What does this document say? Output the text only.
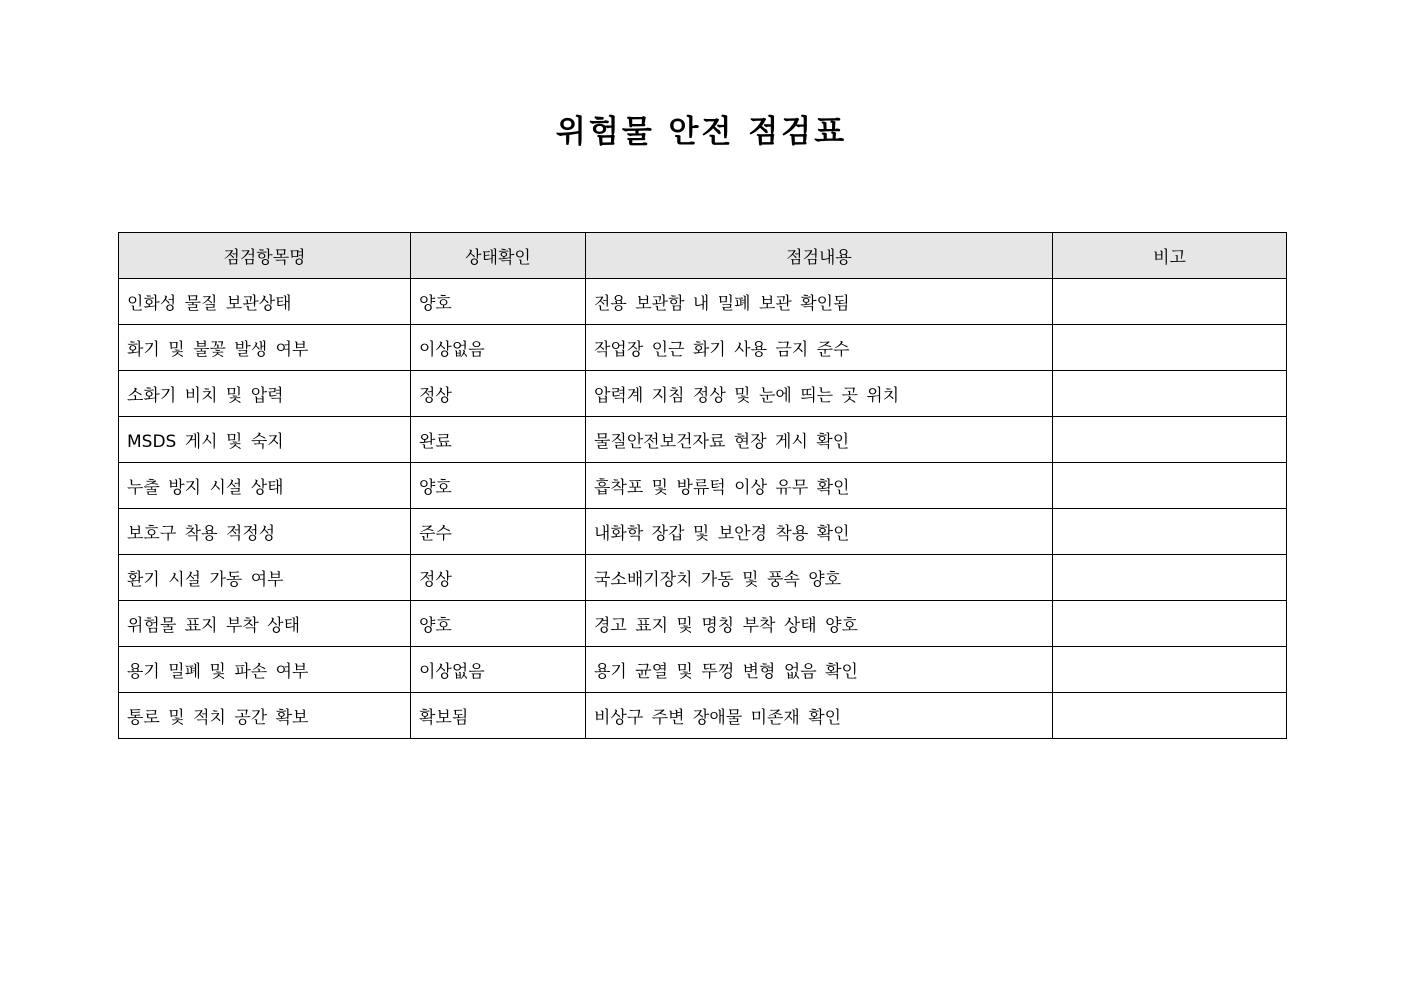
위험물 안전 점검표
점검항목명	상태확인	점검내용	비고
인화성 물질 보관상태	양호	전용 보관함 내 밀폐 보관 확인됨	
화기 및 불꽃 발생 여부	이상없음	작업장 인근 화기 사용 금지 준수	
소화기 비치 및 압력	정상	압력계 지침 정상 및 눈에 띄는 곳 위치	
MSDS 게시 및 숙지	완료	물질안전보건자료 현장 게시 확인	
누출 방지 시설 상태	양호	흡착포 및 방류턱 이상 유무 확인	
보호구 착용 적정성	준수	내화학 장갑 및 보안경 착용 확인	
환기 시설 가동 여부	정상	국소배기장치 가동 및 풍속 양호	
위험물 표지 부착 상태	양호	경고 표지 및 명칭 부착 상태 양호	
용기 밀폐 및 파손 여부	이상없음	용기 균열 및 뚜껑 변형 없음 확인	
통로 및 적치 공간 확보	확보됨	비상구 주변 장애물 미존재 확인	
